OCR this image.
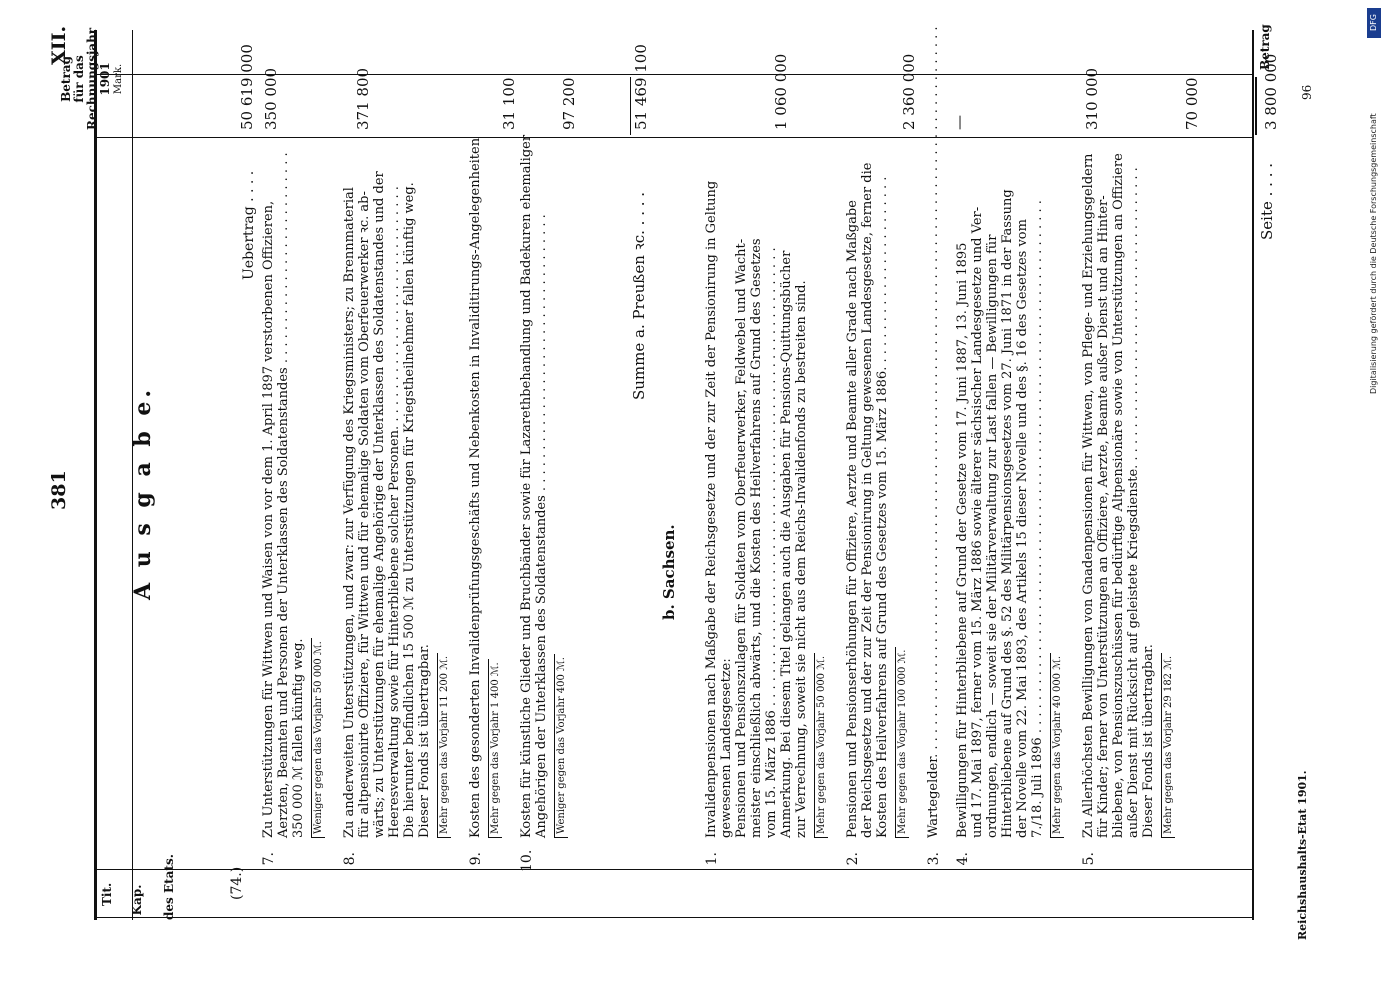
DFG
Digitalisierung gefördert durch die Deutsche Forschungsgemeinschaft
381
XII.
Kap.
Tit.	des Etats.
Betrag
Betrag für das Rechnungsjahr 1901 Mark.
A u s g a b e.
(74.)
Uebertrag . . . .
50 619 000
Summe a. Preußen ꝛc. . . . .
51 469 100
b. Sachsen.
Seite . . . .
3 800 000
Reichshaushalts-Etat 1901.
96
7.
Zu Unterstützungen für Wittwen und Waisen von vor dem 1. April 1897 verstorbenen Offizieren, Aerzten, Beamten und Personen der Unterklassen des Soldatenstandes . . . . . . . . . . . . . . . . . . . . . . . . . . 350 000 ℳ fallen künftig weg. Weniger gegen das Vorjahr 50 000 ℳ.
350 000
8.
Zu anderweiten Unterstützungen, und zwar: zur Verfügung des Kriegsministers; zu Brennmaterial für altpensionirte Offiziere, für Wittwen und für ehemalige Soldaten vom Oberfeuerwerker ꝛc. ab- wärts; zu Unterstützungen für ehemalige Angehörige der Unterklassen des Soldatenstandes und der Heeresverwaltung sowie für Hinterbliebene solcher Personen. . . . . . . . . . . . . . . . . . . . . . . . . . . . . . Die hierunter befindlichen 15 500 ℳ zu Unterstützungen für Kriegstheilnehmer fallen künftig weg. Dieser Fonds ist übertragbar. Mehr gegen das Vorjahr 11 200 ℳ.
371 800
9.
Kosten des gesonderten Invalidenprüfungsgeschäfts und Nebenkosten in Invaliditirungs-Angelegenheiten Mehr gegen das Vorjahr 1 400 ℳ.
31 100
10.
Kosten für künstliche Glieder und Bruchbänder sowie für Lazarethbehandlung und Badekuren ehemaliger Angehörigen der Unterklassen des Soldatenstandes . . . . . . . . . . . . . . . . . . . . . . . . . . . . . . . . . . Weniger gegen das Vorjahr 400 ℳ.
97 200
1.
Invalidenpensionen nach Maßgabe der Reichsgesetze und der zur Zeit der Pensionirung in Geltung gewesenen Landesgesetze: Pensionen und Pensionszulagen für Soldaten vom Oberfeuerwerker, Feldwebel und Wacht- meister einschließlich abwärts, und die Kosten des Heilverfahrens auf Grund des Gesetzes vom 15. März 1886 . . . . . . . . . . . . . . . . . . . . . . . . . . . . . . . . . . . . . . . . . . . . . . . . . . . . . . . . Anmerkung. Bei diesem Titel gelangen auch die Ausgaben für Pensions-Quittungsbücher zur Verrechnung, soweit sie nicht aus dem Reichs-Invalidenfonds zu bestreiten sind. Mehr gegen das Vorjahr 50 000 ℳ.
1 060 000
2.
Pensionen und Pensionserhöhungen für Offiziere, Aerzte und Beamte aller Grade nach Maßgabe der Reichsgesetze und der zur Zeit der Pensionirung in Geltung gewesenen Landesgesetze, ferner die Kosten des Heilverfahrens auf Grund des Gesetzes vom 15. März 1886. . . . . . . . . . . . . . . . . . . . . . . . Mehr gegen das Vorjahr 100 000 ℳ.
2 360 000
3.
Wartegelder. . . . . . . . . . . . . . . . . . . . . . . . . . . . . . . . . . . . . . . . . . . . . . . . . . . . . . . . . . . . . . . . . . . . . . . . . . . . . . . . . . . . . . . . . —
4.
Bewilligungen für Hinterbliebene auf Grund der Gesetze vom 17. Juni 1887, 13. Juni 1895 und 17. Mai 1897, ferner vom 15. März 1886 sowie älterer sächsischer Landesgesetze und Ver- ordnungen, endlich — soweit sie der Militärverwaltung zur Last fallen — Bewilligungen für Hinterbliebene auf Grund des §. 52 des Militärpensionsgesetzes vom 27. Juni 1871 in der Fassung der Novelle vom 22. Mai 1893, des Artikels 15 dieser Novelle und des §. 16 des Gesetzes vom 7./18. Juli 1896 . . . . . . . . . . . . . . . . . . . . . . . . . . . . . . . . . . . . . . . . . . . . . . . . . . . . . . . . . . . . . . . . . Mehr gegen das Vorjahr 40 000 ℳ.
310 000
5.
Zu Allerhöchsten Bewilligungen von Gnadenpensionen für Wittwen, von Pflege- und Erziehungsgeldern für Kinder; ferner von Unterstützungen an Offiziere, Aerzte, Beamte außer Dienst und an Hinter- bliebene, von Pensionszuschüssen für bedürftige Altpensionäre sowie von Unterstützungen an Offiziere außer Dienst mit Rücksicht auf geleistete Kriegsdienste. . . . . . . . . . . . . . . . . . . . . . . . . . . . . . . . . . . . . Dieser Fonds ist übertragbar. Mehr gegen das Vorjahr 29 182 ℳ.
70 000
